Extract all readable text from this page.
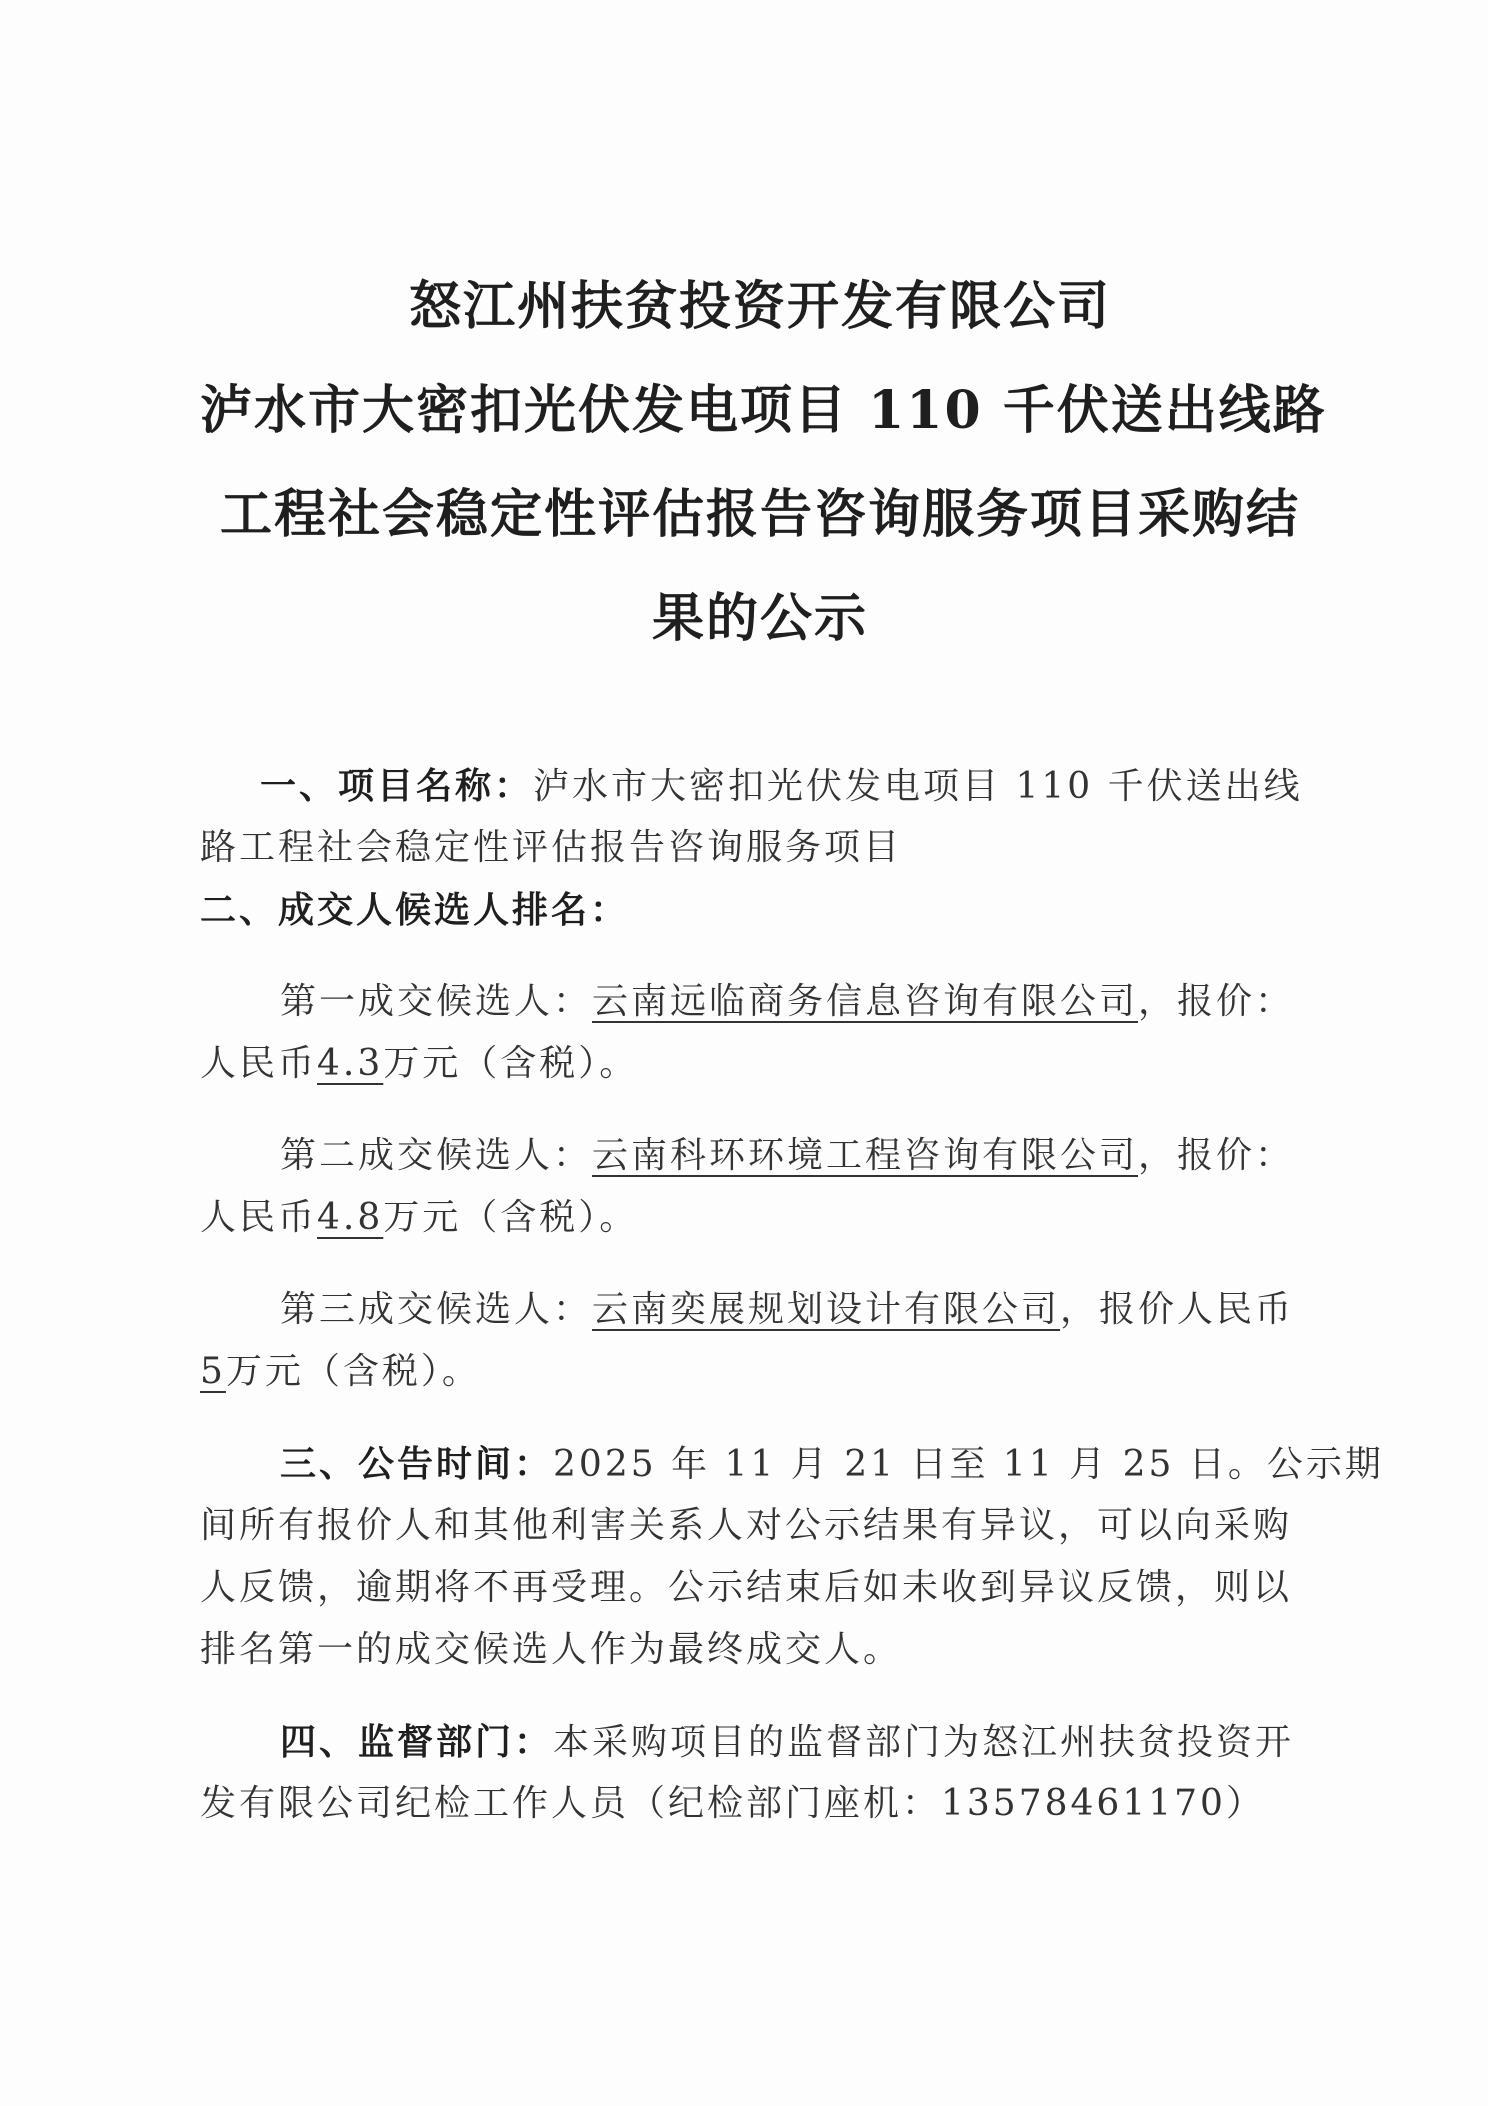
怒江州扶贫投资开发有限公司
泸水市大密扣光伏发电项目 110 千伏送出线路
工程社会稳定性评估报告咨询服务项目采购结
果的公示
一、项目名称：泸水市大密扣光伏发电项目 110 千伏送出线
路工程社会稳定性评估报告咨询服务项目
二、成交人候选人排名：
第一成交候选人：云南远临商务信息咨询有限公司，报价：
人民币4.3万元（含税）。
第二成交候选人：云南科环环境工程咨询有限公司，报价：
人民币4.8万元（含税）。
第三成交候选人：云南奕展规划设计有限公司，报价人民币
5万元（含税）。
三、公告时间：2025 年 11 月 21 日至 11 月 25 日。公示期
间所有报价人和其他利害关系人对公示结果有异议，可以向采购
人反馈，逾期将不再受理。公示结束后如未收到异议反馈，则以
排名第一的成交候选人作为最终成交人。
四、监督部门：本采购项目的监督部门为怒江州扶贫投资开
发有限公司纪检工作人员（纪检部门座机：13578461170）
